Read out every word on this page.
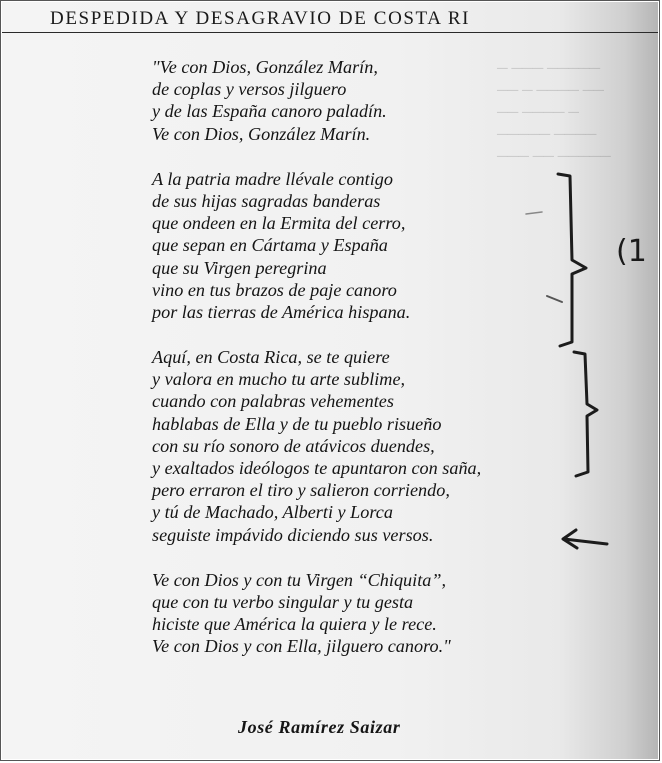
DESPEDIDA Y DESAGRAVIO DE COSTA RI
─ ─── ─────
── ─ ──── ──
── ──── ─
───── ────
─── ── ─────
"Ve con Dios, González Marín,
de coplas y versos jilguero
y de las España canoro paladín.
Ve con Dios, González Marín.
A la patria madre llévale contigo
de sus hijas sagradas banderas
que ondeen en la Ermita del cerro,
que sepan en Cártama y España
que su Virgen peregrina
vino en tus brazos de paje canoro
por las tierras de América hispana.
Aquí, en Costa Rica, se te quiere
y valora en mucho tu arte sublime,
cuando con palabras vehementes
hablabas de Ella y de tu pueblo risueño
con su río sonoro de atávicos duendes,
y exaltados ideólogos te apuntaron con saña,
pero erraron el tiro y salieron corriendo,
y tú de Machado, Alberti y Lorca
seguiste impávido diciendo sus versos.
Ve con Dios y con tu Virgen “Chiquita”,
que con tu verbo singular y tu gesta
hiciste que América la quiera y le rece.
Ve con Dios y con Ella, jilguero canoro."
José Ramírez Saizar
(1
